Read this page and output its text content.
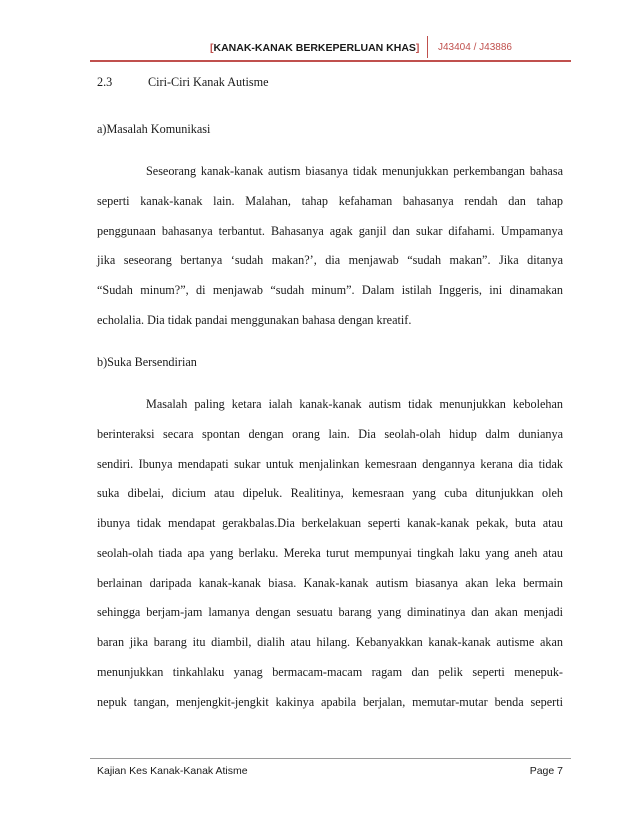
[KANAK-KANAK BERKEPERLUAN KHAS] J43404 / J43886
2.3	Ciri-Ciri Kanak Autisme
a)Masalah Komunikasi
Seseorang kanak-kanak autism biasanya tidak menunjukkan perkembangan bahasa
seperti kanak-kanak lain. Malahan, tahap kefahaman bahasanya rendah dan tahap
penggunaan bahasanya terbantut. Bahasanya agak ganjil dan sukar difahami. Umpamanya
jika seseorang bertanya ‘sudah makan?’, dia menjawab “sudah makan”. Jika ditanya
“Sudah minum?”, di menjawab “sudah minum”. Dalam istilah Inggeris, ini dinamakan
echolalia. Dia tidak pandai menggunakan bahasa dengan kreatif.
b)Suka Bersendirian
Masalah paling ketara ialah kanak-kanak autism tidak menunjukkan kebolehan
berinteraksi secara spontan dengan orang lain. Dia seolah-olah hidup dalm dunianya
sendiri. Ibunya mendapati sukar untuk menjalinkan kemesraan dengannya kerana dia tidak
suka dibelai, dicium atau dipeluk. Realitinya, kemesraan yang cuba ditunjukkan oleh
ibunya tidak mendapat gerakbalas.Dia berkelakuan seperti kanak-kanak pekak, buta atau
seolah-olah tiada apa yang berlaku. Mereka turut mempunyai tingkah laku yang aneh atau
berlainan daripada kanak-kanak biasa. Kanak-kanak autism biasanya akan leka bermain
sehingga berjam-jam lamanya dengan sesuatu barang yang diminatinya dan akan menjadi
baran jika barang itu diambil, dialih atau hilang. Kebanyakkan kanak-kanak autisme akan
menunjukkan tinkahlaku yanag bermacam-macam ragam dan pelik seperti menepuk-
nepuk tangan, menjengkit-jengkit kakinya apabila berjalan, memutar-mutar benda seperti
Kajian Kes Kanak-Kanak Atisme	Page 7
